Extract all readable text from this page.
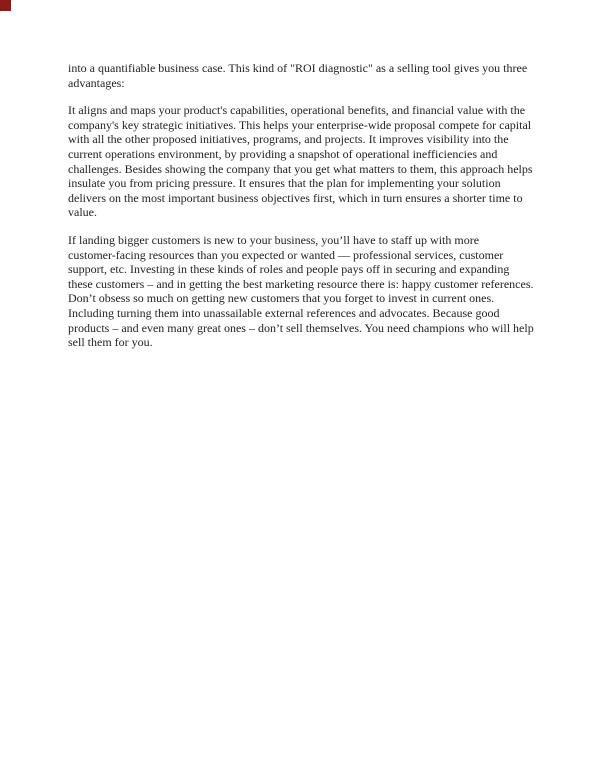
into a quantifiable business case. This kind of "ROI diagnostic" as a selling tool gives you three
advantages:
It aligns and maps your product's capabilities, operational benefits, and financial value with the
company's key strategic initiatives. This helps your enterprise-wide proposal compete for capital
with all the other proposed initiatives, programs, and projects. It improves visibility into the
current operations environment, by providing a snapshot of operational inefficiencies and
challenges. Besides showing the company that you get what matters to them, this approach helps
insulate you from pricing pressure. It ensures that the plan for implementing your solution
delivers on the most important business objectives first, which in turn ensures a shorter time to
value.
If landing bigger customers is new to your business, you’ll have to staff up with more
customer-facing resources than you expected or wanted — professional services, customer
support, etc. Investing in these kinds of roles and people pays off in securing and expanding
these customers – and in getting the best marketing resource there is: happy customer references.
Don’t obsess so much on getting new customers that you forget to invest in current ones.
Including turning them into unassailable external references and advocates. Because good
products – and even many great ones – don’t sell themselves. You need champions who will help
sell them for you.
